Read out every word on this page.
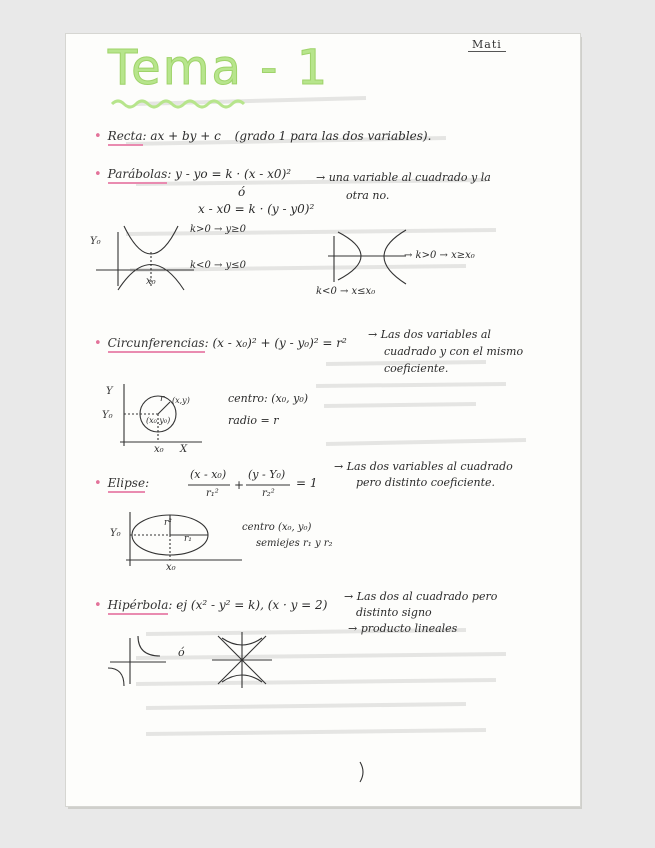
Mati
Tema - 1
• Recta: ax + by + c (grado 1 para las dos variables).
• Parábolas: y - yo = k · (x - x0)²
ó
x - x0 = k · (y - y0)²
→ una variable al cuadrado y la
otra no.
Y₀
x₀
k>0 → y≥0
k<0 → y≤0
→ k>0 → x≥x₀
k<0 → x≤x₀
• Circunferencias: (x - x₀)² + (y - y₀)² = r²
→ Las dos variables al
cuadrado y con el mismo
coeficiente.
Y
Y₀
x₀ X
(x,y)
(x₀,y₀)
r	centro: (x₀, y₀)
radio = r
• Elipse:
(x - x₀)
r₁²
+
(y - Y₀)
r₂²
= 1
→ Las dos variables al cuadrado
pero distinto coeficiente.
Y₀
x₀
r²
r₁
centro (x₀, y₀)
semiejes r₁ y r₂
• Hipérbola: ej (x² - y² = k), (x · y = 2)
→ Las dos al cuadrado pero
distinto signo
→ producto lineales
ó
